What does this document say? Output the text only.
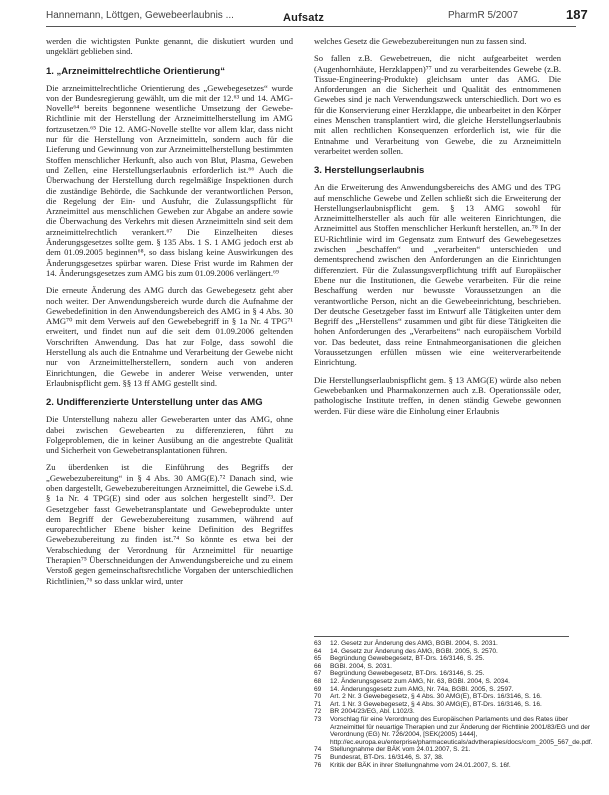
Hannemann, Löttgen, Gewebeerlaubnis ...	Aufsatz	PharmR 5/2007	187

werden die wichtigsten Punkte genannt, die diskutiert wurden und ungeklärt geblieben sind.

1. „Arzneimittelrechtliche Orientierung“

Die arzneimittelrechtliche Orientierung des „Gewebegesetzes“ wurde von der Bundesregierung gewählt, um die mit der 12.⁶³ und 14. AMG-Novelle⁶⁴ bereits begonnene wesentliche Umsetzung der Gewebe-Richtlinie mit der Herstellung der Arzneimittelherstellung im AMG fortzusetzen.⁶⁵ Die 12. AMG-Novelle stellte vor allem klar, dass nicht nur für die Herstellung von Arzneimitteln, sondern auch für die Lieferung und Gewinnung von zur Arzneimittelherstellung bestimmten Stoffen menschlicher Herkunft, also auch von Blut, Plasma, Geweben und Zellen, eine Herstellungserlaubnis erforderlich ist.⁶⁶ Auch die Überwachung der Herstellung durch regelmäßige Inspektionen durch die zuständige Behörde, die Sachkunde der verantwortlichen Person, die Regelung der Ein- und Ausfuhr, die Zulassungspflicht für Arzneimittel aus menschlichen Geweben zur Abgabe an andere sowie die Überwachung des Verkehrs mit diesen Arzneimitteln sind seit dem arzneimittelrechtlich verankert.⁶⁷ Die Einzelheiten dieses Änderungsgesetzes sollte gem. § 135 Abs. 1 S. 1 AMG jedoch erst ab dem 01.09.2005 beginnen⁶⁸, so dass bislang keine Auswirkungen des Änderungsgesetzes spürbar waren. Diese Frist wurde im Rahmen der 14. Änderungsgesetzes zum AMG bis zum 01.09.2006 verlängert.⁶⁹

Die erneute Änderung des AMG durch das Gewebegesetz geht aber noch weiter. Der Anwendungsbereich wurde durch die Aufnahme der Gewebedefinition in den Anwendungsbereich des AMG in § 4 Abs. 30 AMG⁷⁰ mit dem Verweis auf den Gewebebegriff in § 1a Nr. 4 TPG⁷¹ erweitert, und findet nun auf die seit dem 01.09.2006 geltenden Vorschriften Anwendung. Das hat zur Folge, dass sowohl die Herstellung als auch die Entnahme und Verarbeitung der Gewebe nicht nur von Arzneimittelherstellern, sondern auch von anderen Einrichtungen, die Gewebe in anderer Weise verwenden, unter Erlaubnispflicht gem. §§ 13 ff AMG gestellt sind.

2. Undifferenzierte Unterstellung unter das AMG

Die Unterstellung nahezu aller Geweberarten unter das AMG, ohne dabei zwischen Gewebearten zu differenzieren, führt zu Folgeproblemen, die in keiner Ausübung an die angestrebte Qualität und Sicherheit von Gewebetransplantationen führen.

Zu überdenken ist die Einführung des Begriffs der „Gewebezubereitung“ in § 4 Abs. 30 AMG(E).⁷² Danach sind, wie oben dargestellt, Gewebezubereitungen Arzneimittel, die Gewebe i.S.d. § 1a Nr. 4 TPG(E) sind oder aus solchen hergestellt sind⁷³. Der Gesetzgeber fasst Gewebetransplantate und Gewebeprodukte unter dem Begriff der Gewebezubereitung zusammen, während auf europarechtlicher Ebene bisher keine Definition des Begriffes Gewebezubereitung zu finden ist.⁷⁴ So könnte es etwa bei der Verabschiedung der Verordnung für Arzneimittel für neuartige Therapien⁷⁵ Überschneidungen der Anwendungsbereiche und zu einem Verstoß gegen gemeinschaftsrechtliche Vorgaben der unterschiedlichen Richtlinien,⁷⁶ so dass unklar wird, unter

welches Gesetz die Gewebezubereitungen nun zu fassen sind.

So fallen z.B. Gewebetreuen, die nicht aufgearbeitet werden (Augenhornhäute, Herzklappen)⁷⁷ und zu verarbeitendes Gewebe (z.B. Tissue-Engineering-Produkte) gleichsam unter das AMG. Die Anforderungen an die Sicherheit und Qualität des entnommenen Gewebes sind je nach Verwendungszweck unterschiedlich. Dort wo es für die Konservierung einer Herzklappe, die unbearbeitet in den Körper eines Menschen transplantiert wird, die gleiche Herstellungserlaubnis mit allen rechtlichen Konsequenzen erforderlich ist, wie für die Entnahme und Verarbeitung von Gewebe, die zu Arzneimitteln verarbeitet werden sollen.

3. Herstellungserlaubnis

An die Erweiterung des Anwendungsbereichs des AMG und des TPG auf menschliche Gewebe und Zellen schließt sich die Erweiterung der Herstellungserlaubnispflicht gem. § 13 AMG sowohl für Arzneimittelhersteller als auch für alle weiteren Einrichtungen, die Arzneimittel aus Stoffen menschlicher Herkunft herstellen, an.⁷⁸ In der EU-Richtlinie wird im Gegensatz zum Entwurf des Gewebegesetzes zwischen „beschaffen“ und „verarbeiten“ unterschieden und dementsprechend zwischen den Anforderungen an die Einrichtungen differenziert. Für die Zulassungsverpflichtung trifft auf Europäischer Ebene nur die Institutionen, die Gewebe verarbeiten. Für die reine Beschaffung werden nur bewusste Voraussetzungen an die verantwortliche Person, nicht an die Gewebeeinrichtung, beschrieben. Der deutsche Gesetzgeber fasst im Entwurf alle Tätigkeiten unter dem Begriff des „Herstellens“ zusammen und gibt für diese Tätigkeiten die hohen Anforderungen des „Verarbeitens“ nach europäischem Vorbild vor. Das bedeutet, dass reine Entnahmeorganisationen die gleichen Voraussetzungen erfüllen müssen wie eine weiterverarbeitende Einrichtung.

Die Herstellungserlaubnispflicht gem. § 13 AMG(E) würde also neben Gewebebanken und Pharmakonzernen auch z.B. Operationssäle oder, pathologische Institute treffen, in denen ständig Gewebe gewonnen werden. Für diese wäre die Einholung einer Erlaubnis

63	12. Gesetz zur Änderung des AMG, BGBl. 2004, S. 2031.
64	14. Gesetz zur Änderung des AMG, BGBl. 2005, S. 2570.
65	Begründung Gewebegesetz, BT-Drs. 16/3146, S. 25.
66	BGBl. 2004, S. 2031.
67	Begründung Gewebegesetz, BT-Drs. 16/3146, S. 25.
68	12. Änderungsgesetz zum AMG, Nr. 63, BGBl. 2004, S. 2034.
69	14. Änderungsgesetz zum AMG, Nr. 74a, BGBl. 2005, S. 2597.
70	Art. 2 Nr. 3 Gewebegesetz, § 4 Abs. 30 AMG(E), BT-Drs. 16/3146, S. 16.
71	Art. 1 Nr. 3 Gewebegesetz, § 4 Abs. 30 AMG(E), BT-Drs. 16/3146, S. 16.
72	BR 2004/23/EG, Abl. L102/3.
73	Vorschlag für eine Verordnung des Europäischen Parlaments und des Rates über Arzneimittel für neuartige Therapien und zur Änderung der Richtlinie 2001/83/EG und der Verordnung (EG) Nr. 726/2004, [SEK(2005) 1444], http://ec.europa.eu/enterprise/pharmaceuticals/advtherapies/docs/com_2005_567_de.pdf.
74	Stellungnahme der BÄK vom 24.01.2007, S. 21.
75	Bundesrat, BT-Drs. 16/3146, S. 37, 38.
76	Kritik der BÄK in ihrer Stellungnahme vom 24.01.2007, S. 16f.
